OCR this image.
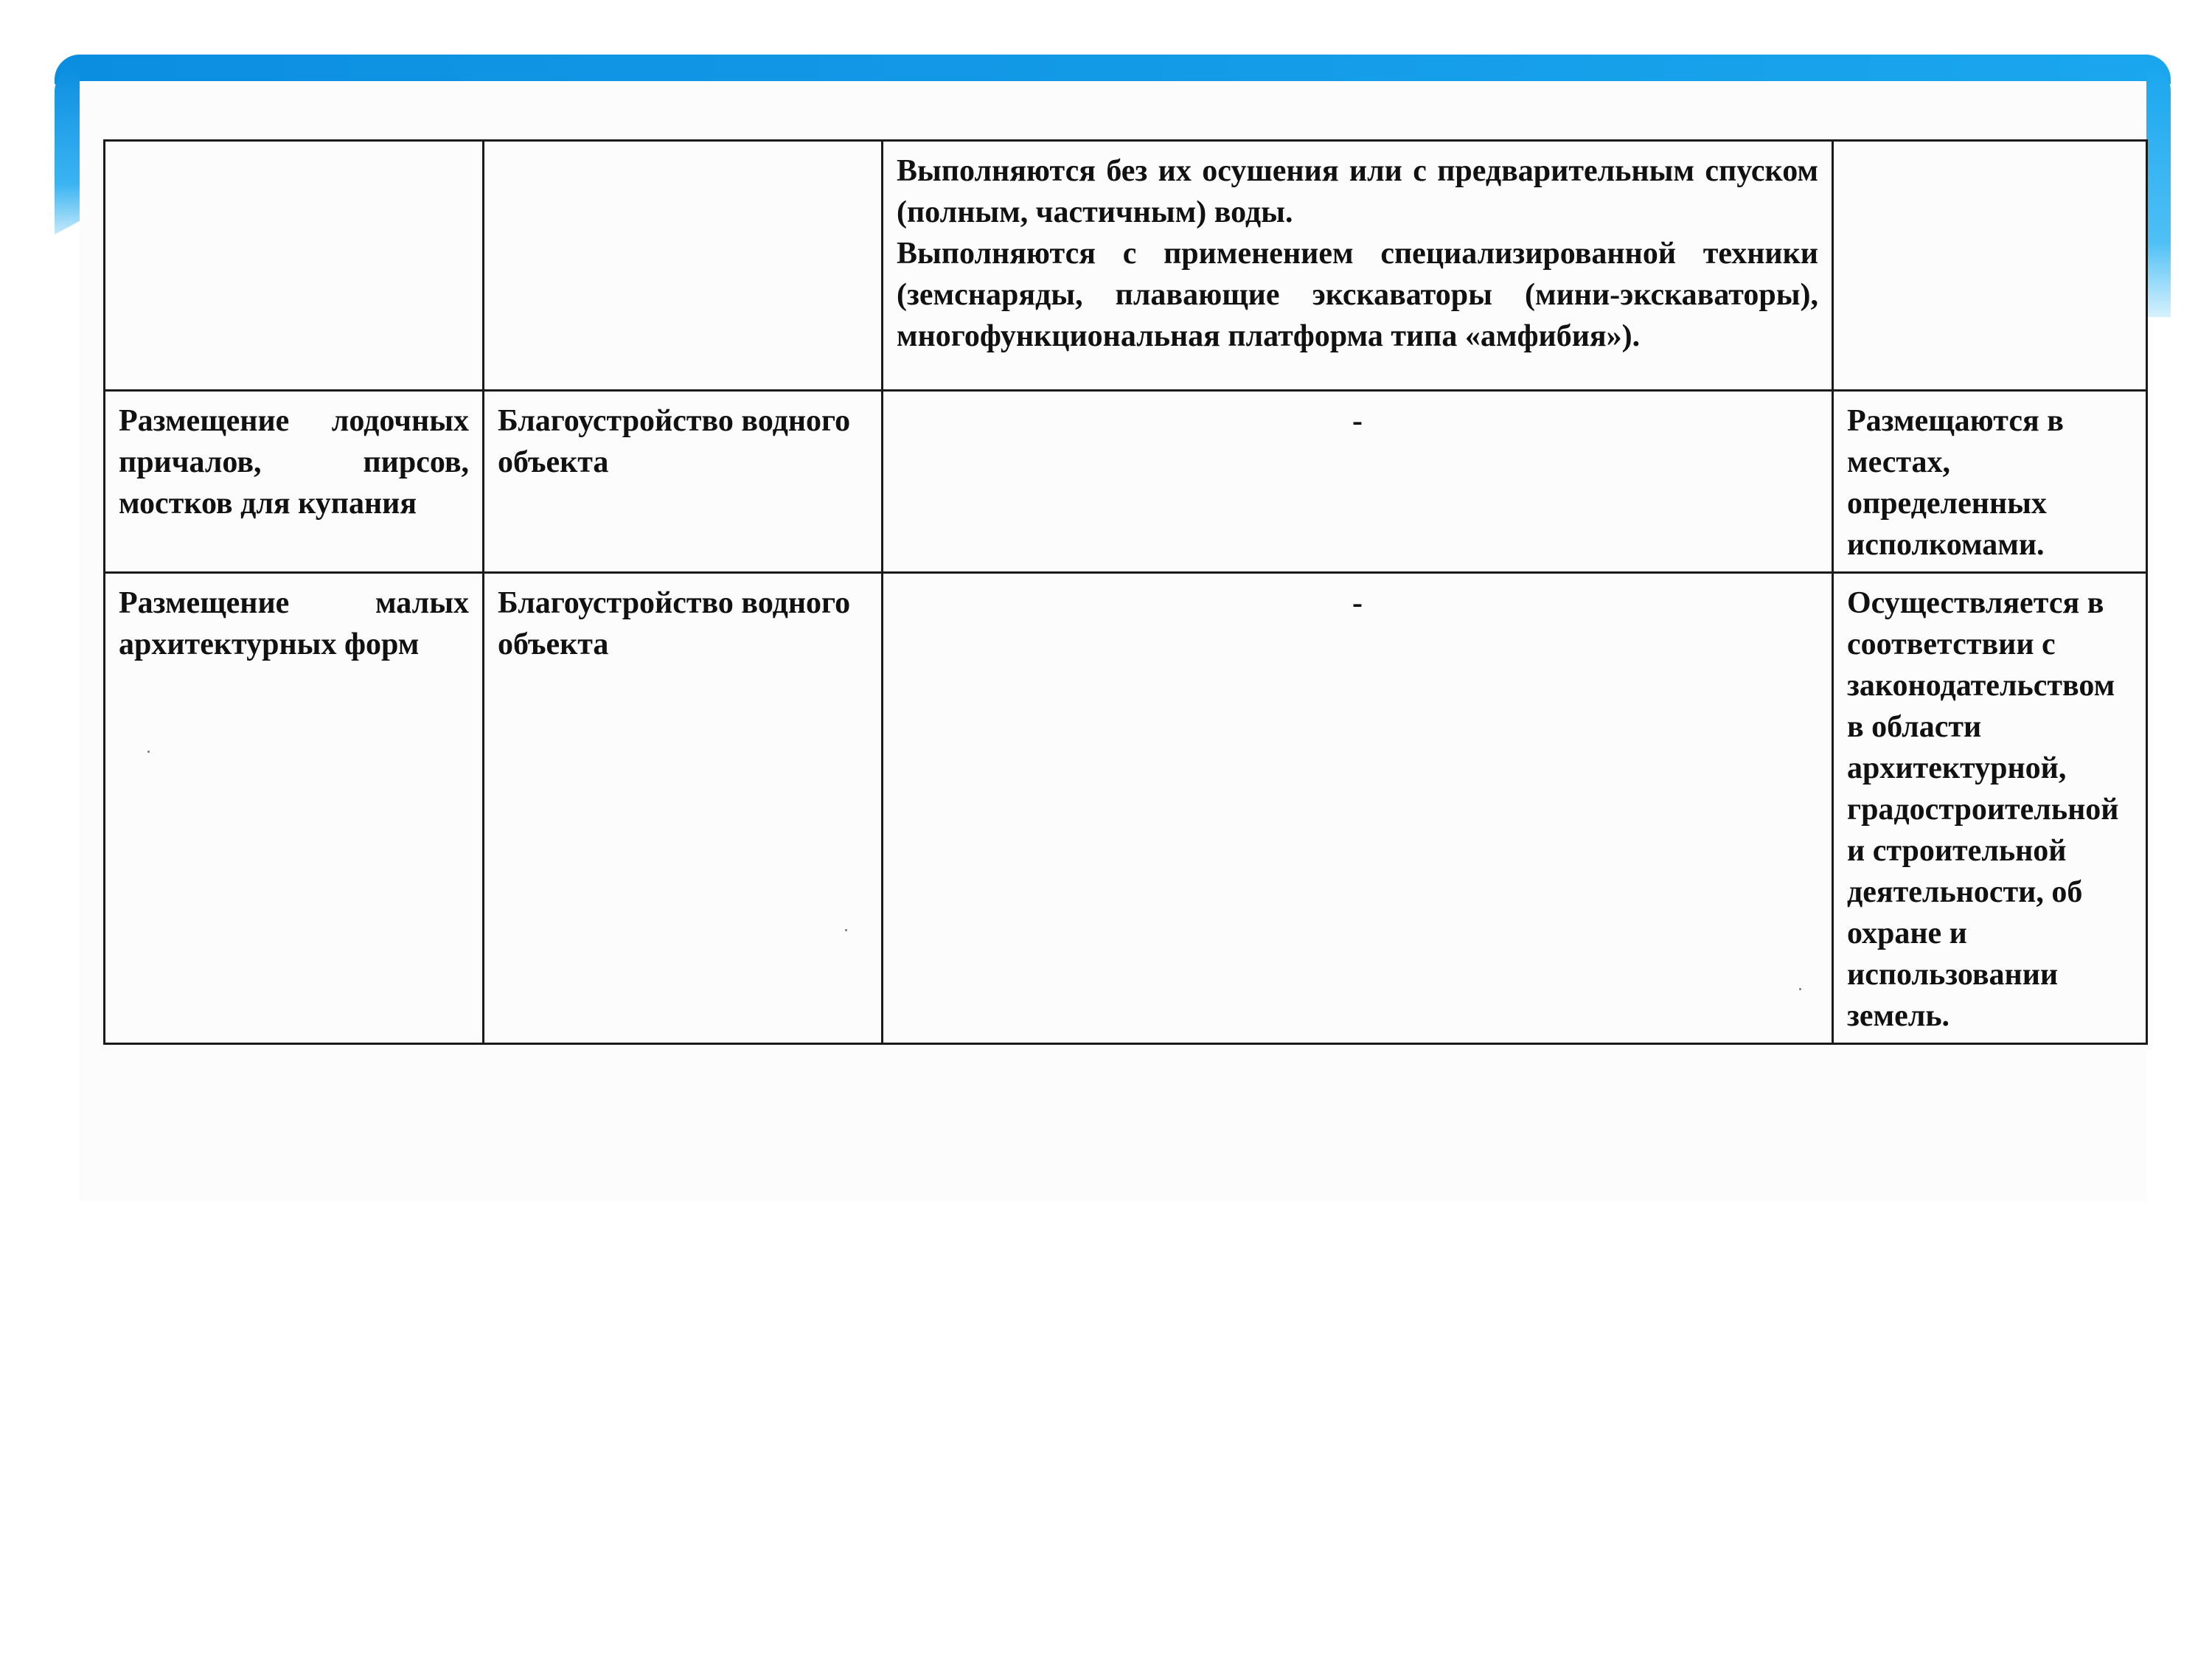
		Выполняются без их осушения или с предварительным спуском (полным, частичным) воды.
Выполняются с применением специализированной техники (земснаряды, плавающие экскаваторы (мини-экскаваторы), многофункциональная платформа типа «амфибия»).	

Размещение лодочных причалов, пирсов, мостков для купания	Благоустройство водного объекта	-	Размещаются в местах, определенных исполкомами.
Размещение малых архитектурных форм	Благоустройство водного объекта	-	Осуществляется в соответствии с законодательством в области архитектурной, градостроительной и строительной деятельности, об охране и использовании земель.
